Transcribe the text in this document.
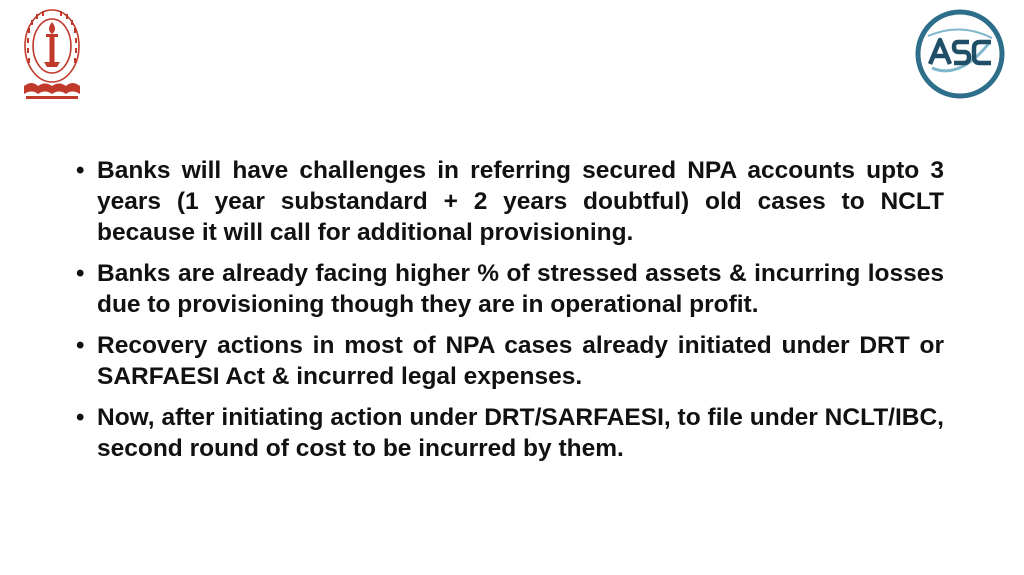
• Banks will have challenges in referring secured NPA accounts upto 3 years (1 year substandard + 2 years doubtful) old cases to NCLT because it will call for additional provisioning.
• Banks are already facing higher % of stressed assets & incurring losses due to provisioning though they are in operational profit.
• Recovery actions in most of NPA cases already initiated under DRT or SARFAESI Act & incurred legal expenses.
• Now, after initiating action under DRT/SARFAESI, to file under NCLT/IBC, second round of cost to be incurred by them.
